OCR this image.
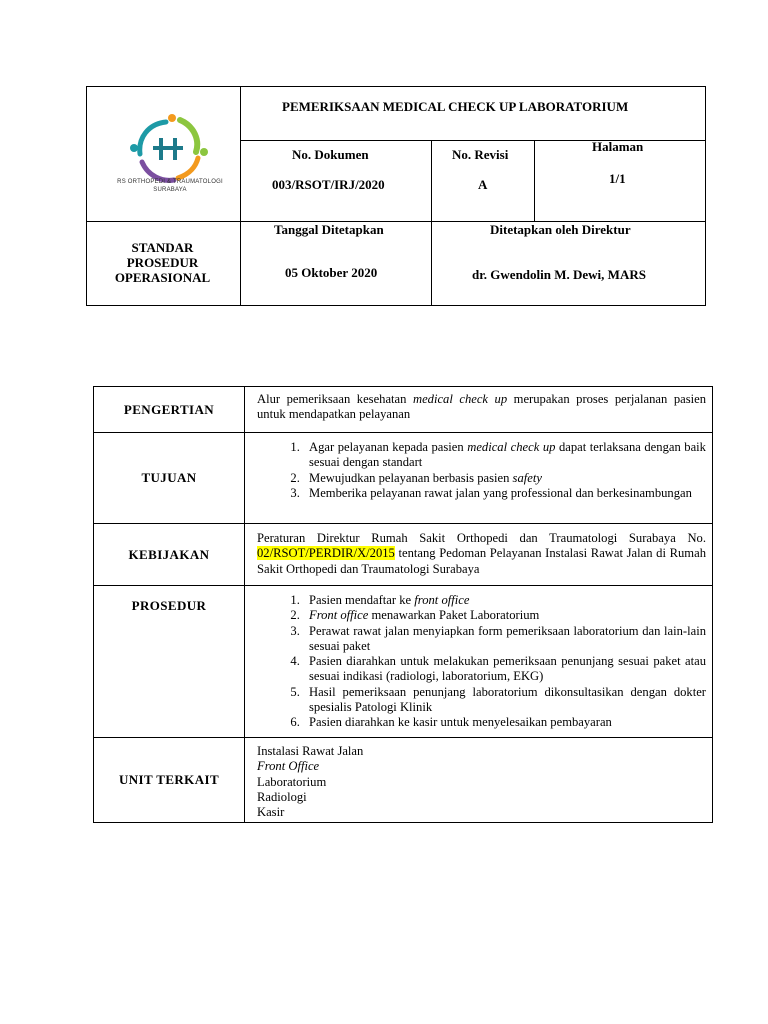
RS ORTHOPEDI & TRAUMATOLOGI
SURABAYA
PEMERIKSAAN MEDICAL CHECK UP LABORATORIUM
No. Dokumen
003/RSOT/IRJ/2020
No. Revisi
A
Halaman
1/1
STANDAR
PROSEDUR
OPERASIONAL
Tanggal Ditetapkan
05 Oktober 2020
Ditetapkan oleh Direktur
dr. Gwendolin M. Dewi, MARS
PENGERTIAN

Alur pemeriksaan kesehatan medical check up merupakan proses perjalanan pasien untuk mendapatkan pelayanan

TUJUAN
1. Agar pelayanan kepada pasien medical check up dapat terlaksana dengan baik sesuai dengan standart
2. Mewujudkan pelayanan berbasis pasien safety
3. Memberika pelayanan rawat jalan yang professional dan berkesinambungan
KEBIJAKAN

Peraturan Direktur Rumah Sakit Orthopedi dan Traumatologi Surabaya No. 02/RSOT/PERDIR/X/2015 tentang Pedoman Pelayanan Instalasi Rawat Jalan di Rumah Sakit Orthopedi dan Traumatologi Surabaya

PROSEDUR
1.	Pasien mendaftar ke front office
2. Front office menawarkan Paket Laboratorium
3. Perawat rawat jalan menyiapkan form pemeriksaan laboratorium dan lain-lain sesuai paket
4. Pasien diarahkan untuk melakukan pemeriksaan penunjang sesuai paket atau sesuai indikasi (radiologi, laboratorium, EKG)
5. Hasil pemeriksaan penunjang laboratorium dikonsultasikan dengan dokter spesialis Patologi Klinik
6. Pasien diarahkan ke kasir untuk menyelesaikan pembayaran
UNIT TERKAIT
Instalasi Rawat Jalan
Front Office
Laboratorium
Radiologi
Kasir
